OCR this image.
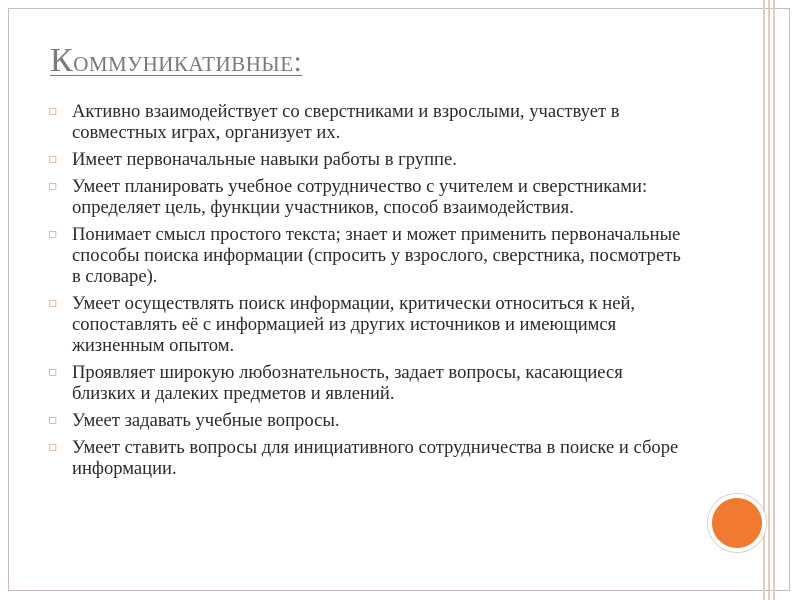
Коммуникативные:
▫ Активно взаимодействует со сверстниками и взрослыми, участвует в совместных играх, организует их.
▫ Имеет первоначальные навыки работы в группе.
▫ Умеет планировать учебное сотрудничество с учителем и сверстниками: определяет цель, функции участников, способ взаимодействия.
▫ Понимает смысл простого текста; знает и может применить первоначальные способы поиска информации (спросить у взрослого, сверстника, посмотреть в словаре).
▫ Умеет осуществлять поиск информации, критически относиться к ней, сопоставлять её с информацией из других источников и имеющимся жизненным опытом.
▫ Проявляет широкую любознательность, задает вопросы, касающиеся близких и далеких предметов и явлений.
▫ Умеет задавать учебные вопросы.
▫ Умеет ставить вопросы для инициативного сотрудничества в поиске и сборе информации.
